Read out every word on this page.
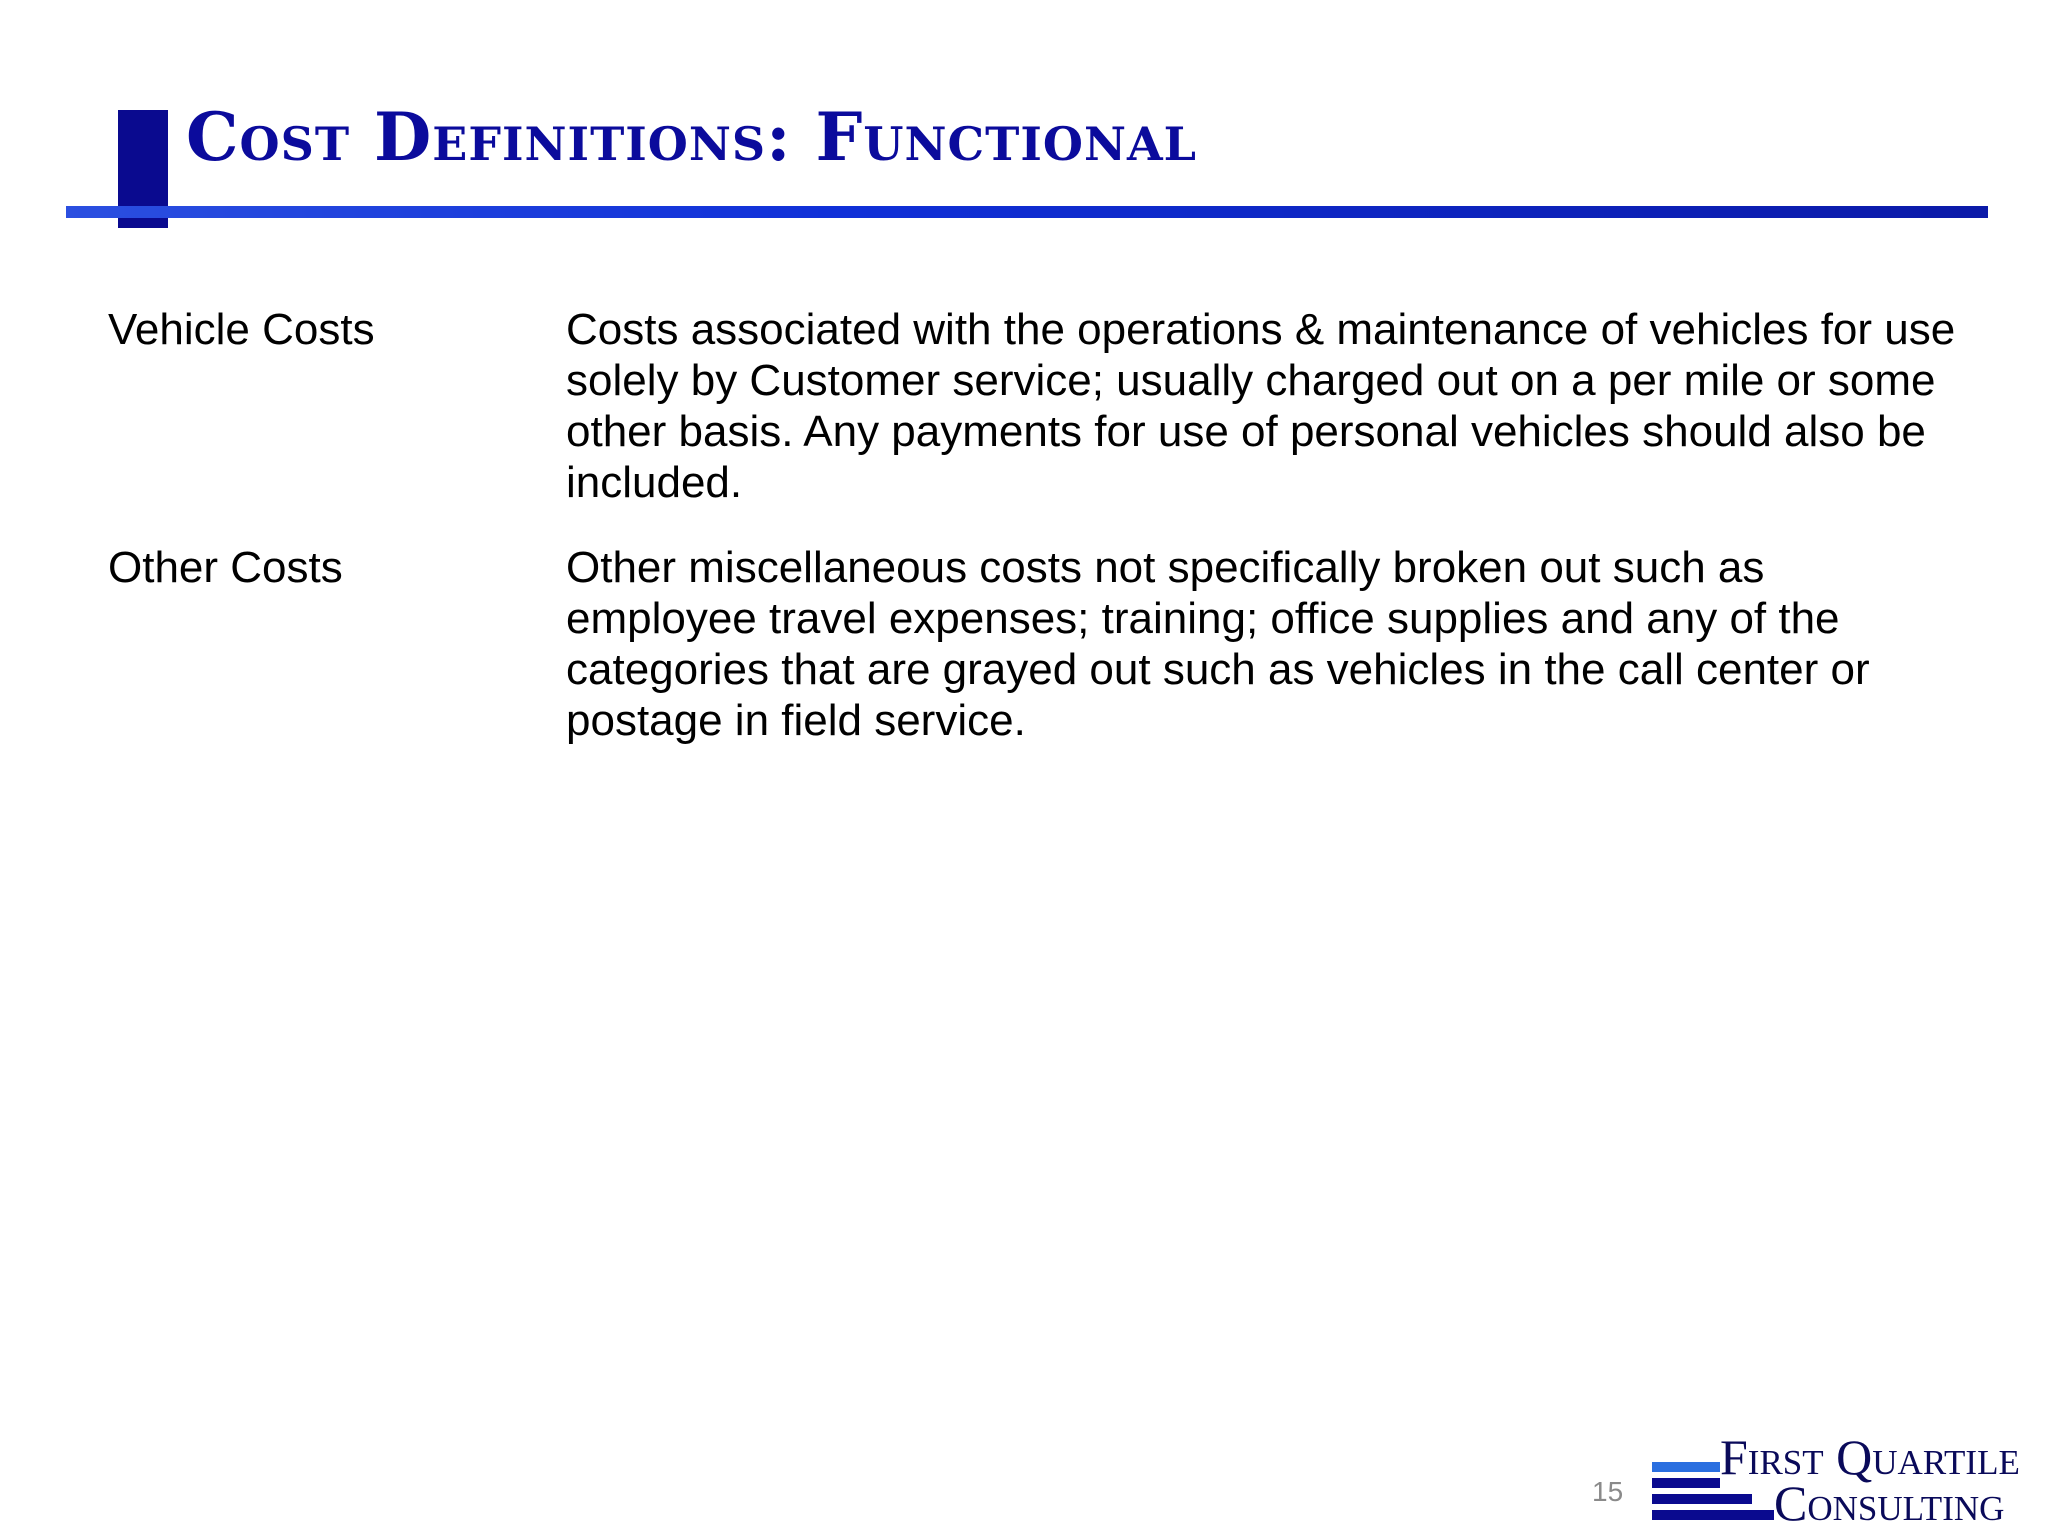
Cost Definitions: Functional
Vehicle Costs	Costs associated with the operations & maintenance of vehicles for use solely by Customer service; usually charged out on a per mile or some other basis. Any payments for use of personal vehicles should also be included.
Other Costs	Other miscellaneous costs not specifically broken out such as employee travel expenses; training; office supplies and any of the categories that are grayed out such as vehicles in the call center or postage in field service.
15
First Quartile
Consulting
